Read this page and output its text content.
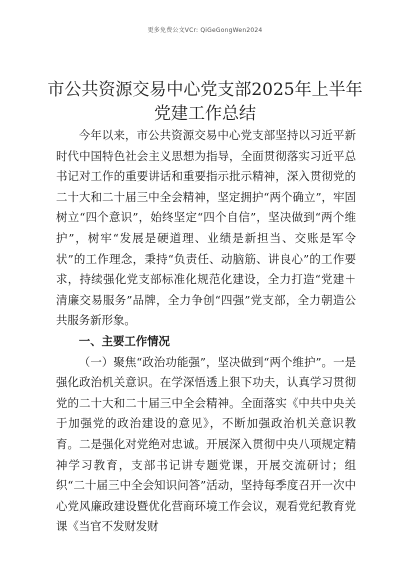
更多免费公文VCr: QiGeGongWen2024
市公共资源交易中心党支部2025年上半年党建工作总结

今年以来，市公共资源交易中心党支部坚持以习近平新时代中国特色社会主义思想为指导，全面贯彻落实习近平总书记对工作的重要讲话和重要指示批示精神，深入贯彻党的二十大和二十届三中全会精神，坚定拥护“两个确立”，牢固树立“四个意识”，始终坚定“四个自信”，坚决做到“两个维护”，树牢“发展是硬道理、业绩是新担当、交账是军令状”的工作理念，秉持“负责任、动脑筋、讲良心”的工作要求，持续强化党支部标准化规范化建设，全力打造“党建＋清廉交易服务”品牌，全力争创“四强”党支部，全力朝造公共服务新形象。

一、主要工作情况

（一）聚焦“政治功能强”，坚决做到“两个维护”。一是强化政治机关意识。在学深悟透上狠下功夫，认真学习贯彻党的二十大和二十届三中全会精神。全面落实《中共中央关于加强党的政治建设的意见》，不断加强政治机关意识教育。二是强化对党绝对忠诚。开展深入贯彻中央八项规定精神学习教育，支部书记讲专题党课，开展交流研讨；组织“二十届三中全会知识问答”活动，坚持每季度召开一次中心党风廉政建设暨优化营商环境工作会议，观看党纪教育党课《当官不发财发财
